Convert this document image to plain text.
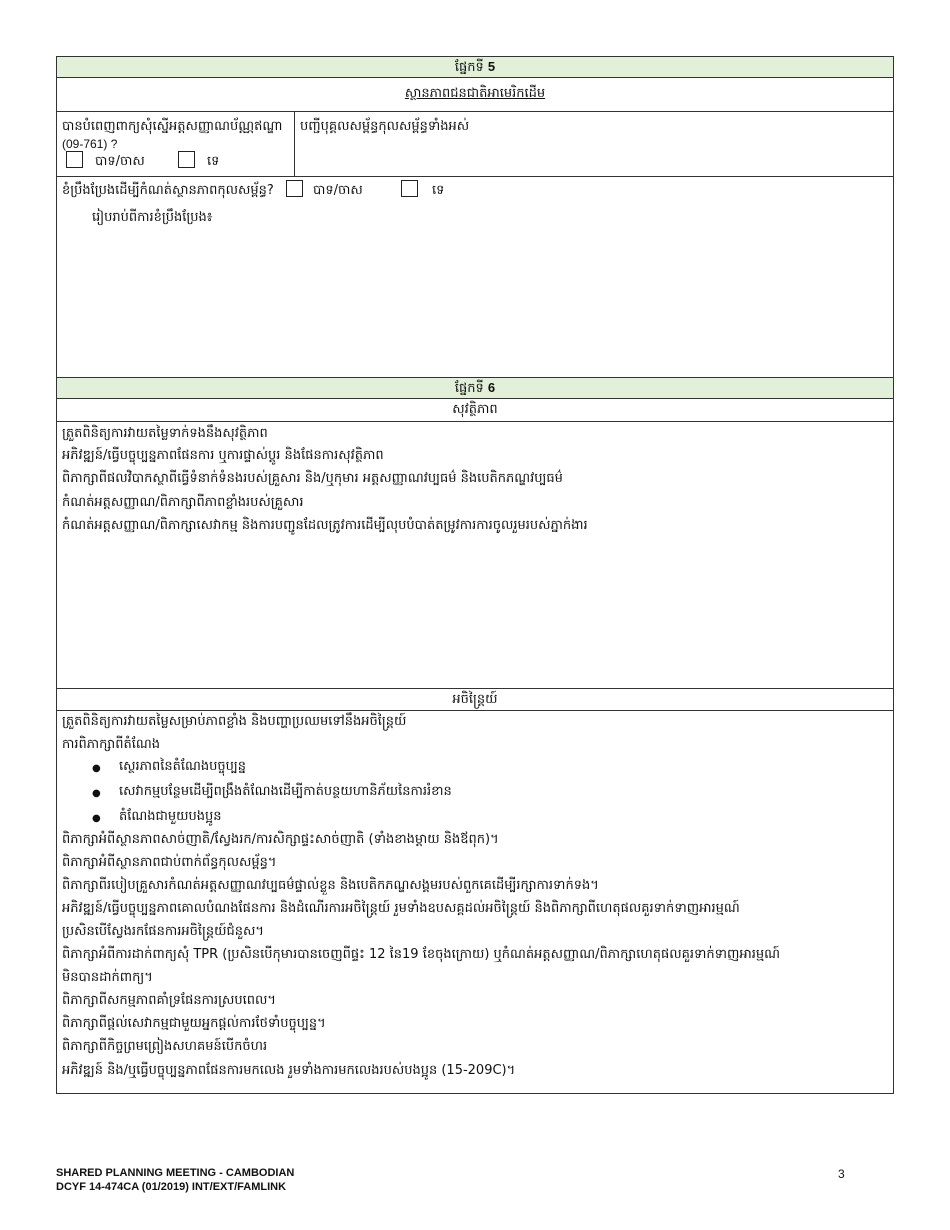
ផ្នែកទី 5
ស្ថានភាពជនជាតិអាមេរិកដើម
បានបំពេញពាក្យសុំស្នើអត្តសញ្ញាណប័ណ្ណឥណ្ឌា
(09-761) ?
បាទ/ចាស	ទេ
បញ្ជីបុគ្គលសម្ព័ន្ធកុលសម្ព័ន្ធទាំងអស់
ខំប្រឹងប្រែងដើម្បីកំណត់ស្ថានភាពកុលសម្ព័ន្ធ?	បាទ/ចាស	ទេ
រៀបរាប់ពីការខំប្រឹងប្រែង៖
ផ្នែកទី 6
សុវត្ថិភាព
ត្រួតពិនិត្យការវាយតម្លៃទាក់ទងនឹងសុវត្ថិភាព
អភិវឌ្ឍន៍/ធ្វើបច្ចុប្បន្នភាពផែនការ ឬការផ្ទាស់ប្តូរ និងផែនការសុវត្ថិភាព
ពិភាក្សាពីផលវិបាកស្ថាពីធ្វើទំនាក់ទំនងរបស់គ្រួសារ និង/ឬកុមារ អត្តសញ្ញាណវប្បធម៌ និងបេតិកភណ្ឌវប្បធម៌
កំណត់អត្តសញ្ញាណ/ពិភាក្សាពីភាពខ្លាំងរបស់គ្រួសារ
កំណត់អត្តសញ្ញាណ/ពិភាក្សាសេវាកម្ម និងការបញ្ជូនដែលត្រូវការដើម្បីលុបបំបាត់តម្រូវការការចូលរួមរបស់ភ្នាក់ងារ
អចិន្ត្រៃយ៍
ត្រួតពិនិត្យការវាយតម្លៃសម្រាប់ភាពខ្លាំង និងបញ្ហាប្រឈមទៅនឹងអចិន្ត្រៃយ៍
ការពិភាក្សាពីតំណែង
● ស្ថេរភាពនៃតំណែងបច្ចុប្បន្ន
● សេវាកម្មបន្ថែមដើម្បីពង្រឹងតំណែងដើម្បីកាត់បន្ថយហានិភ័យនៃការរំខាន
● តំណែងជាមួយបងប្អូន
ពិភាក្សាអំពីស្ថានភាពសាច់ញាតិ/ស្វែងរក/ការសិក្សាផ្ទះសាច់ញាតិ (ទាំងខាងម្តាយ និងឪពុក)។
ពិភាក្សាអំពីស្ថានភាពជាប់ពាក់ព័ន្ធកុលសម្ព័ន្ធ។
ពិភាក្សាពីរបៀបគ្រួសារកំណត់អត្តសញ្ញាណវប្បធម៌ផ្ទាល់ខ្លួន និងបេតិកភណ្ឌសង្គមរបស់ពួកគេដើម្បីរក្សាការទាក់ទង។
អភិវឌ្ឍន៍/ធ្វើបច្ចុប្បន្នភាពគោលបំណងផែនការ និងដំណើរការអចិន្ត្រៃយ៍ រួមទាំងឧបសគ្គដល់អចិន្ត្រៃយ៍ និងពិភាក្សាពីហេតុផលគួរទាក់ទាញអារម្មណ៍
ប្រសិនបើស្វែងរកផែនការអចិន្ត្រៃយ៍ជំនួស។
ពិភាក្សាអំពីការដាក់ពាក្យសុំ TPR (ប្រសិនបើកុមារបានចេញពីផ្ទះ 12 នៃ19 ខែចុងក្រោយ) ឬកំណត់អត្តសញ្ញាណ/ពិភាក្សាហេតុផលគួរទាក់ទាញអារម្មណ៍
មិនបានដាក់ពាក្យ។
ពិភាក្សាពីសកម្មភាពគាំទ្រផែនការស្របពេល។
ពិភាក្សាពីផ្តល់សេវាកម្មជាមួយអ្នកផ្តល់ការថែទាំបច្ចុប្បន្ន។
ពិភាក្សាពីកិច្ចព្រមព្រៀងសហគមន៍បើកចំហរ
អភិវឌ្ឍន៍ និង/ឬធ្វើបច្ចុប្បន្នភាពផែនការមកលេង រួមទាំងការមកលេងរបស់បងប្អូន (15-209C)។
SHARED PLANNING MEETING - CAMBODIAN
DCYF 14-474CA (01/2019) INT/EXT/FAMLINK
3
